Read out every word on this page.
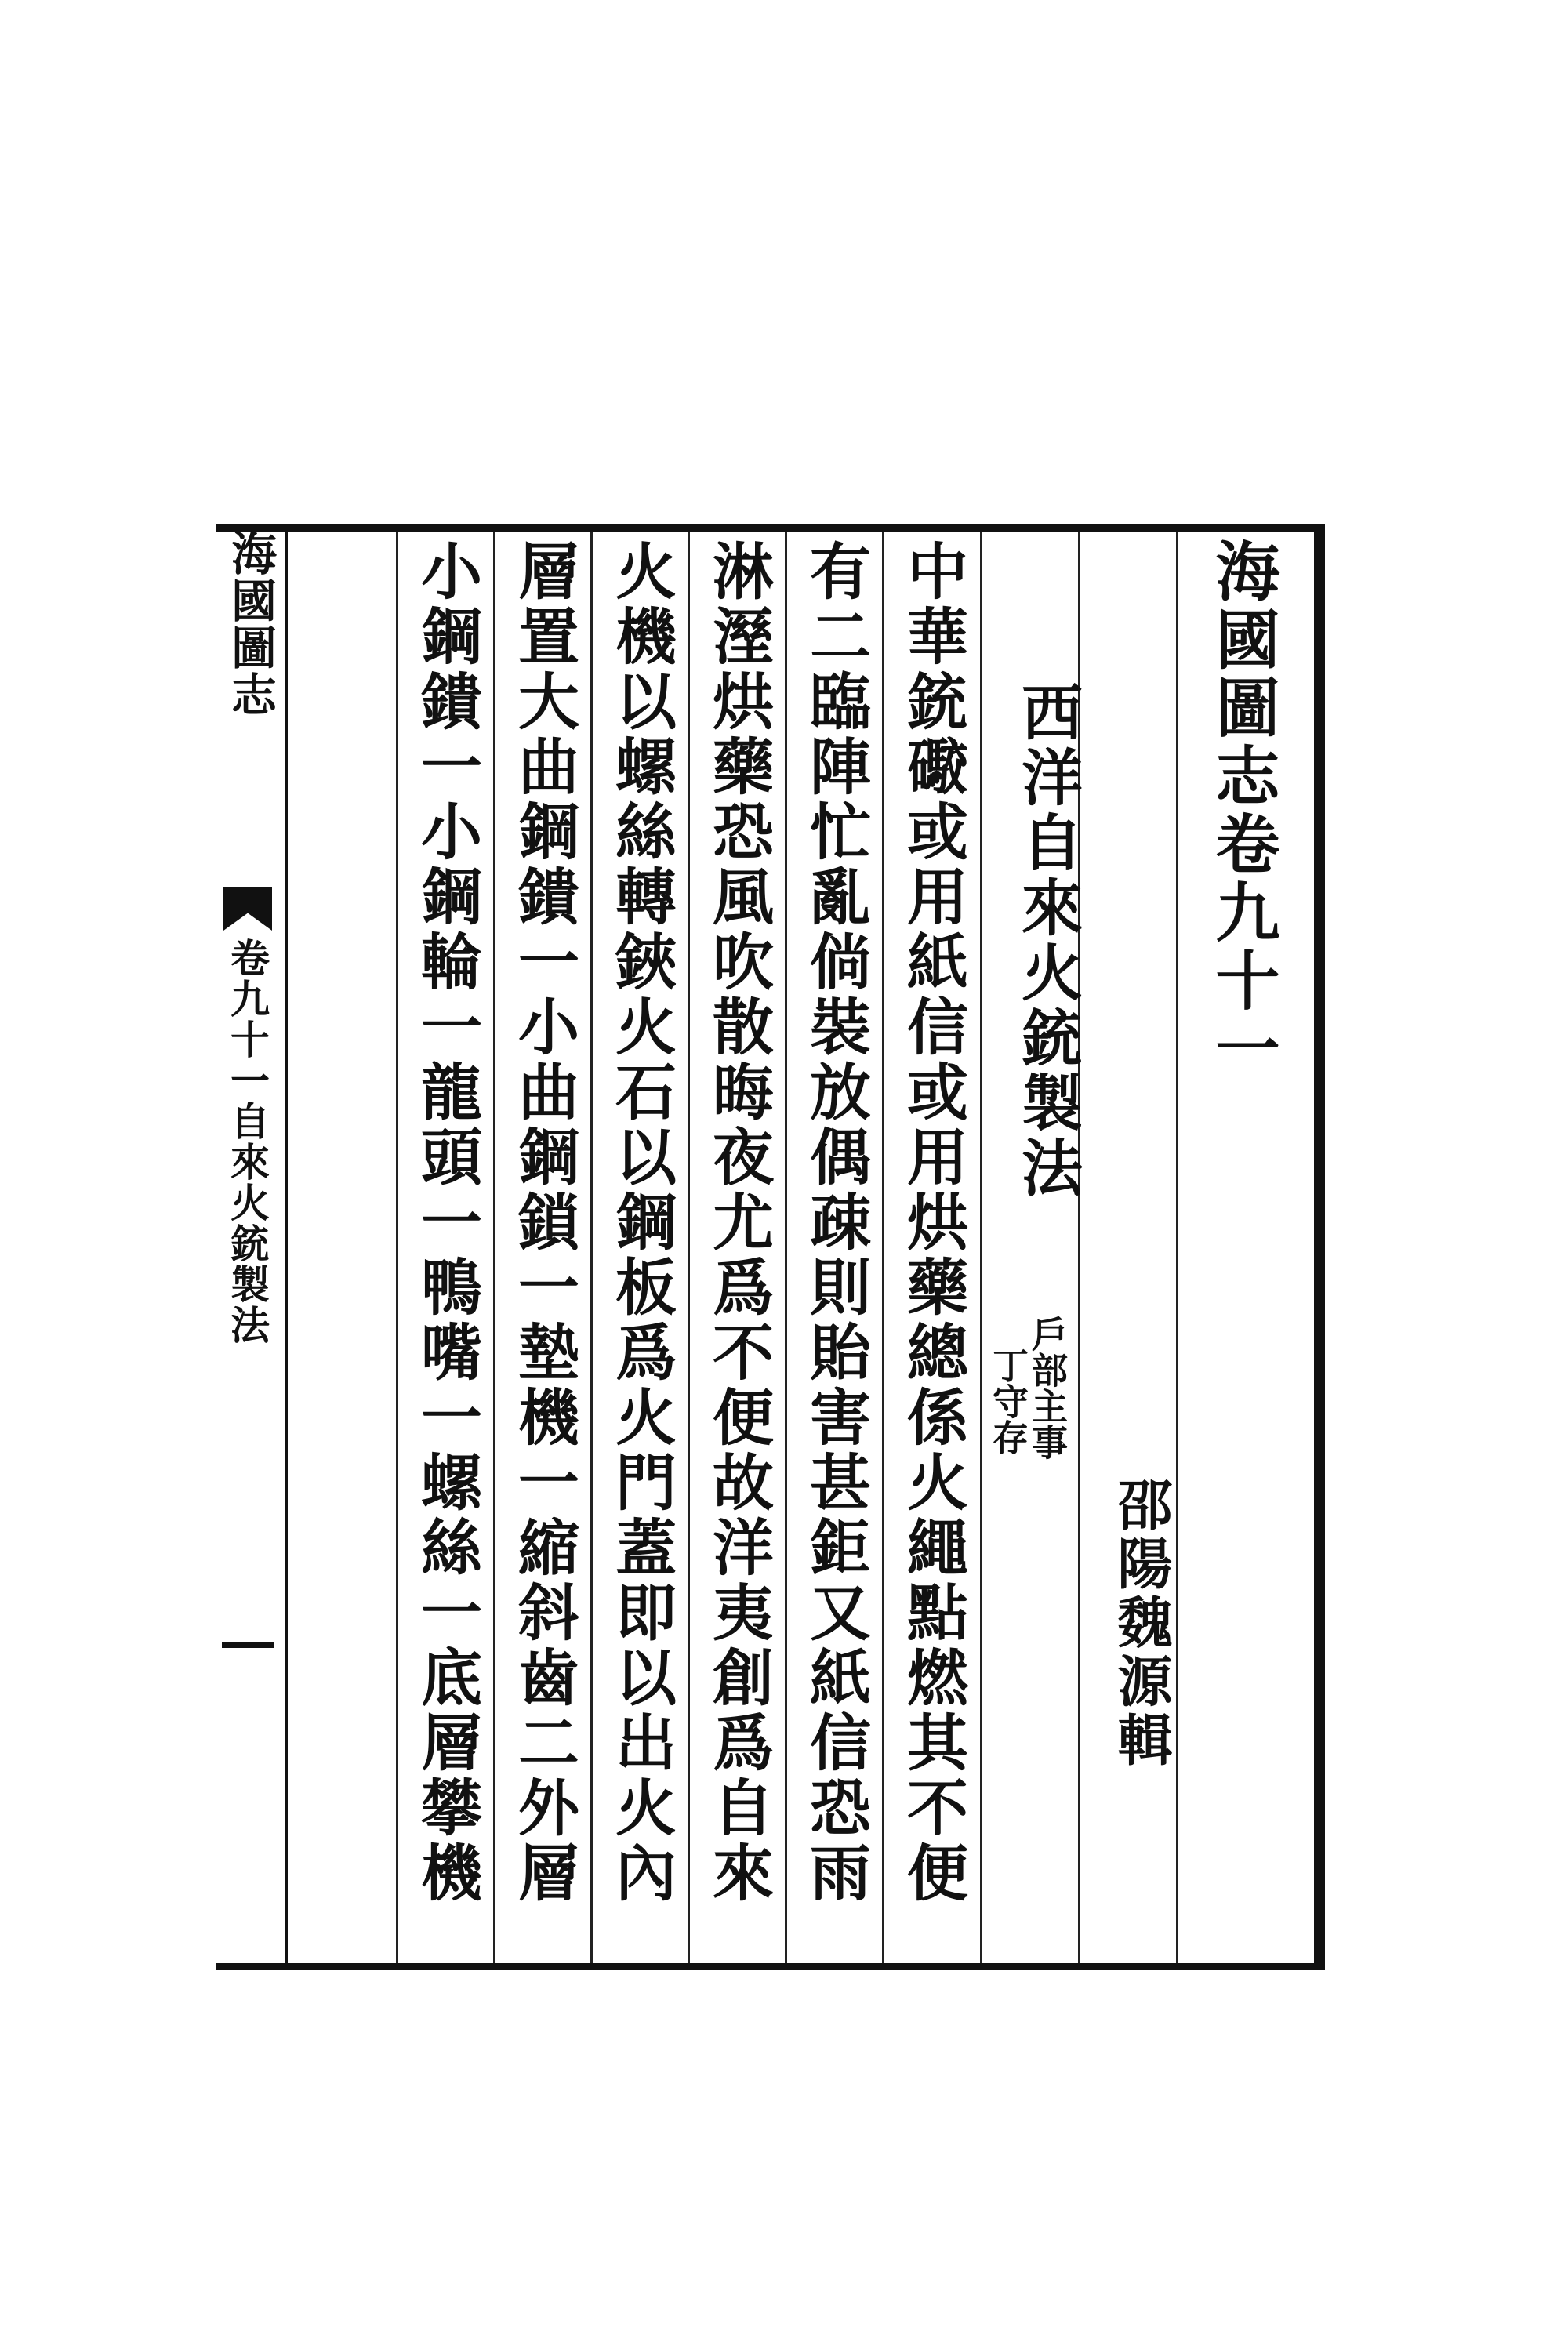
海國圖志卷九十一
邵陽魏源輯
西洋自來火銃製法
戶部主事
丁守存
中華銃礮或用紙信或用烘藥總係火繩點燃其不便
有二臨陣忙亂倘裝放偶疎則貽害甚鉅又紙信恐雨
淋溼烘藥恐風吹散晦夜尤爲不便故洋夷創爲自來
火機以螺絲轉鋏火石以鋼板爲火門蓋即以出火內
層置大曲鋼鐀一小曲鋼鎖一墊機一縮斜齒二外層
小鋼鐀一小鋼輪一龍頭一鴨嘴一螺絲一底層攀機
海國圖志
卷九十一自來火銃製法
